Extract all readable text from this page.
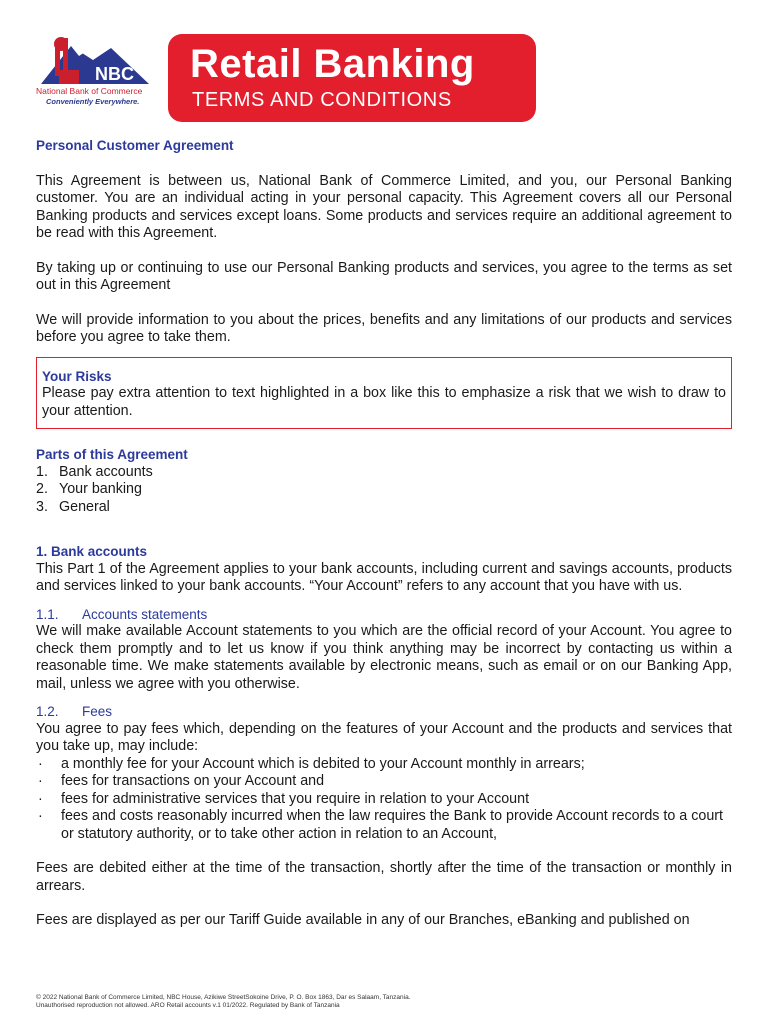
NBC
National Bank of Commerce
Conveniently Everywhere.
Retail Banking
TERMS AND CONDITIONS
Personal Customer Agreement

This Agreement is between us, National Bank of Commerce Limited, and you, our Personal Banking customer. You are an individual acting in your personal capacity. This Agreement covers all our Personal Banking products and services except loans. Some products and services require an additional agreement to be read with this Agreement.

By taking up or continuing to use our Personal Banking products and services, you agree to the terms as set out in this Agreement

We will provide information to you about the prices, benefits and any limitations of our products and services before you agree to take them.

Your Risks

Please pay extra attention to text highlighted in a box like this to emphasize a risk that we wish to draw to your attention.

Parts of this Agreement
1. Bank accounts
2. Your banking
3. General
1. Bank accounts

This Part 1 of the Agreement applies to your bank accounts, including current and savings accounts, products and services linked to your bank accounts. “Your Account” refers to any account that you have with us.

1.1.	Accounts statements

We will make available Account statements to you which are the official record of your Account. You agree to check them promptly and to let us know if you think anything may be incorrect by contacting us within a reasonable time. We make statements available by electronic means, such as email or on our Banking App, mail, unless we agree with you otherwise.

1.2.	Fees

You agree to pay fees which, depending on the features of your Account and the products and services that you take up, may include:

·	a monthly fee for your Account which is debited to your Account monthly in arrears;
·	fees for transactions on your Account and
·	fees for administrative services that you require in relation to your Account
·	fees and costs reasonably incurred when the law requires the Bank to provide Account records to a court or statutory authority, or to take other action in relation to an Account,

Fees are debited either at the time of the transaction, shortly after the time of the transaction or monthly in arrears.

Fees are displayed as per our Tariff Guide available in any of our Branches, eBanking and published on

© 2022 National Bank of Commerce Limited, NBC House, Azikiwe StreetSokoine Drive, P. O. Box 1863, Dar es Salaam, Tanzania.
Unauthorised reproduction not allowed. ARO Retail accounts v.1 01/2022. Regulated by Bank of Tanzania
